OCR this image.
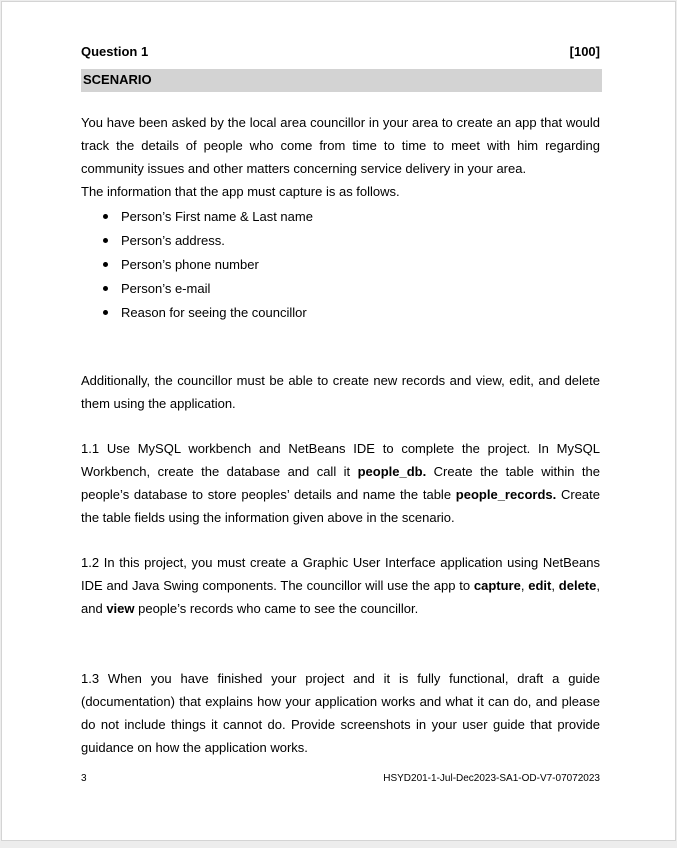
Question 1	[100]
SCENARIO

You have been asked by the local area councillor in your area to create an app that would track the details of people who come from time to time to meet with him regarding community issues and other matters concerning service delivery in your area.

The information that the app must capture is as follows.

Person’s First name & Last name
Person’s address.
Person’s phone number
Person’s e-mail
Reason for seeing the councillor

Additionally, the councillor must be able to create new records and view, edit, and delete them using the application.

1.1 Use MySQL workbench and NetBeans IDE to complete the project. In MySQL Workbench, create the database and call it people_db. Create the table within the people’s database to store peoples’ details and name the table people_records. Create the table fields using the information given above in the scenario.

1.2 In this project, you must create a Graphic User Interface application using NetBeans IDE and Java Swing components. The councillor will use the app to capture, edit, delete, and view people’s records who came to see the councillor.

1.3 When you have finished your project and it is fully functional, draft a guide (documentation) that explains how your application works and what it can do, and please do not include things it cannot do. Provide screenshots in your user guide that provide guidance on how the application works.

3	HSYD201-1-Jul-Dec2023-SA1-OD-V7-07072023
